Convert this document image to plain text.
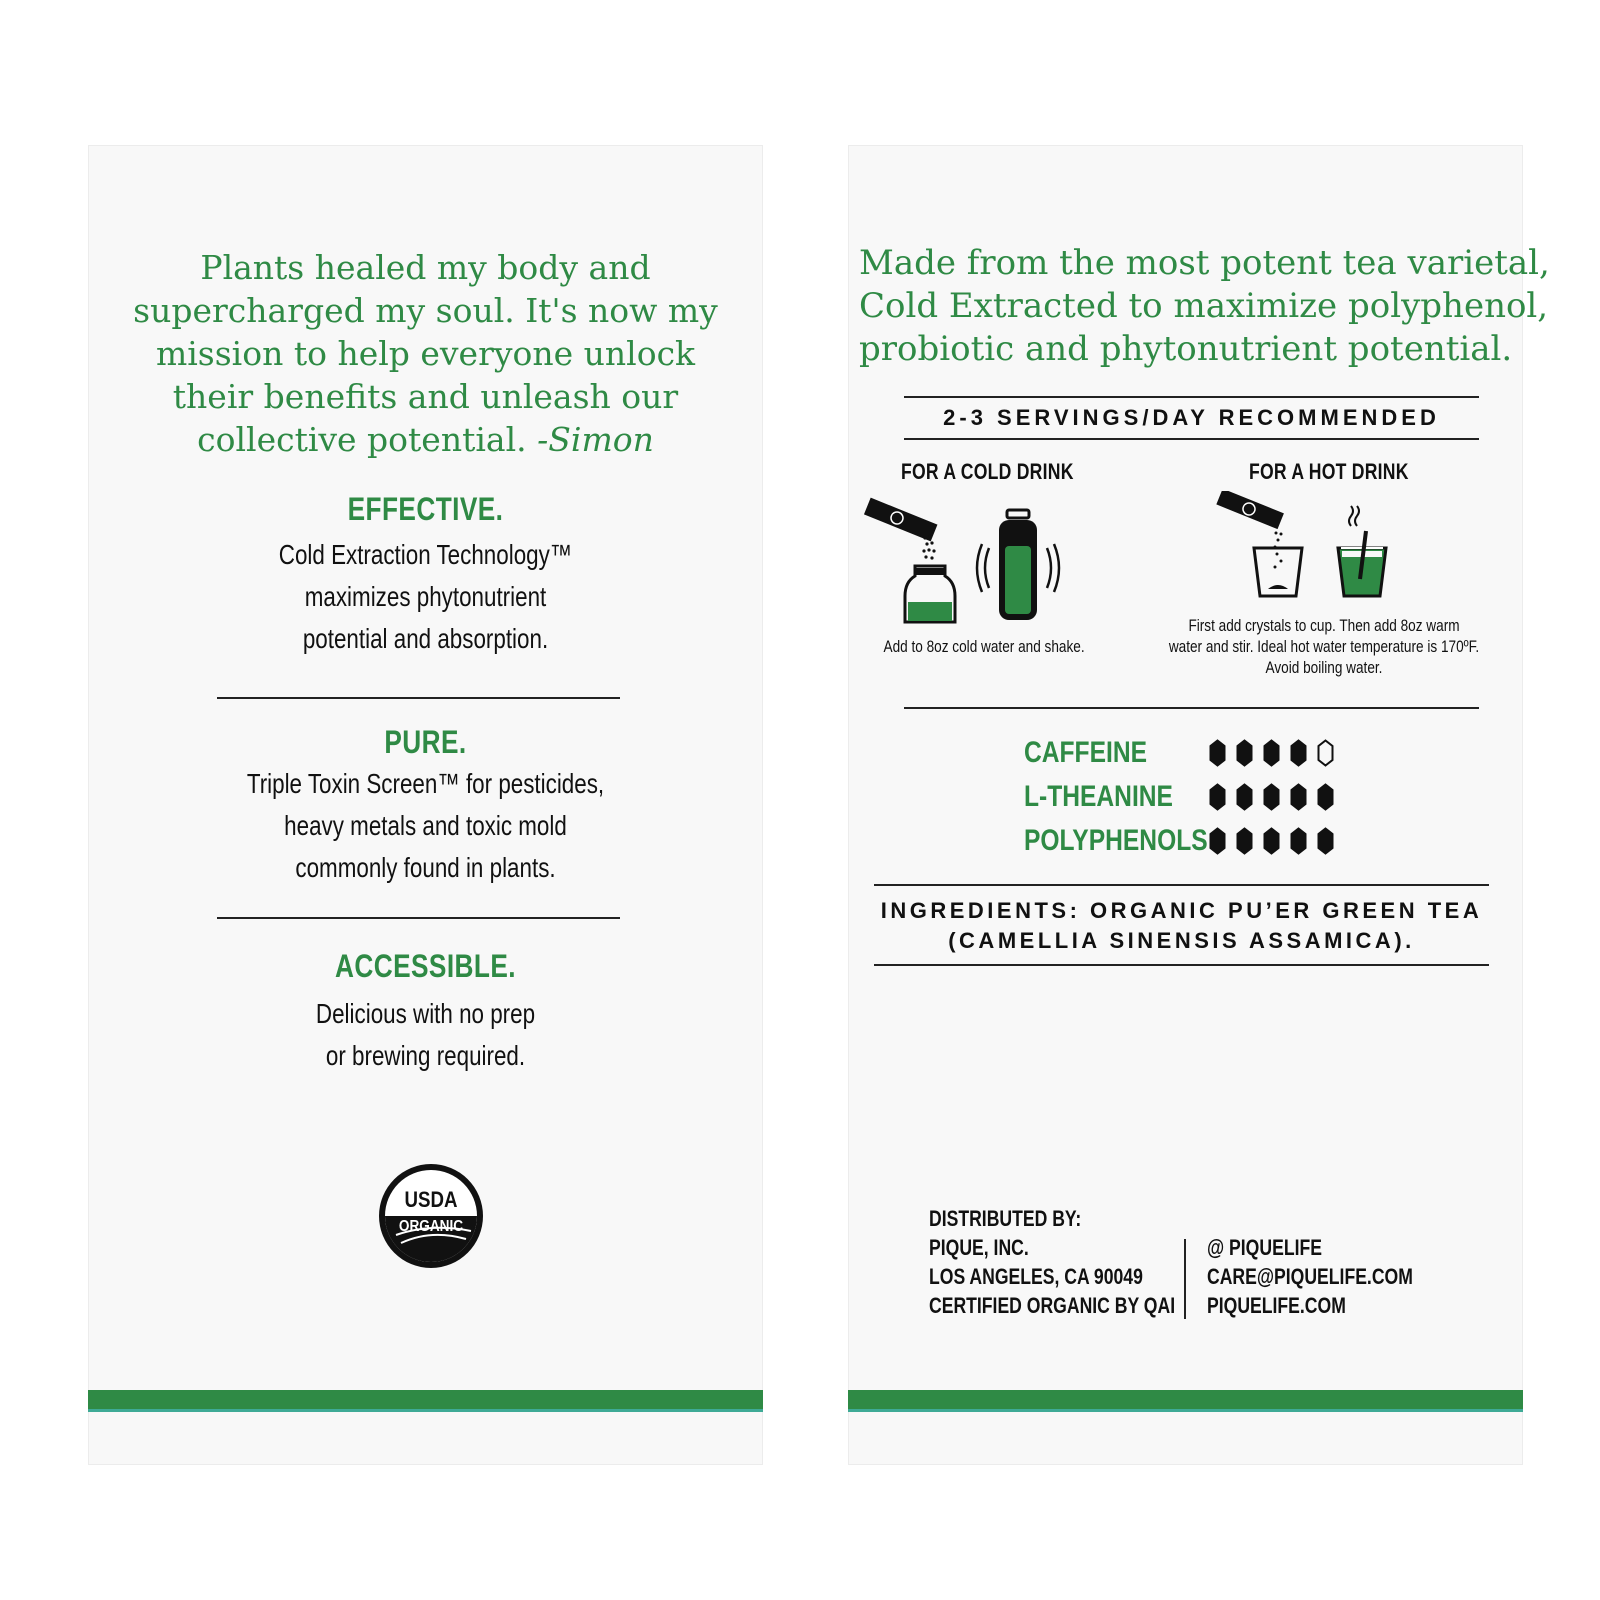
Plants healed my body and
supercharged my soul. It's now my
mission to help everyone unlock
their benefits and unleash our
collective potential. -Simon
EFFECTIVE.
Cold Extraction Technology™
maximizes phytonutrient
potential and absorption.
PURE.
Triple Toxin Screen™ for pesticides,
heavy metals and toxic mold
commonly found in plants.
ACCESSIBLE.
Delicious with no prep
or brewing required.
USDA
ORGANIC
Made from the most potent tea varietal,
Cold Extracted to maximize polyphenol,
probiotic and phytonutrient potential.
2-3 SERVINGS/DAY RECOMMENDED
FOR A COLD DRINK	FOR A HOT DRINK
Add to 8oz cold water and shake.
First add crystals to cup. Then add 8oz warm
water and stir. Ideal hot water temperature is 170ºF.
Avoid boiling water.
CAFFEINE
L-THEANINE
POLYPHENOLS
INGREDIENTS: ORGANIC PU’ER GREEN TEA
(CAMELLIA SINENSIS ASSAMICA).
DISTRIBUTED BY:
PIQUE, INC.
LOS ANGELES, CA 90049
CERTIFIED ORGANIC BY QAI
@ PIQUELIFE
CARE@PIQUELIFE.COM
PIQUELIFE.COM
